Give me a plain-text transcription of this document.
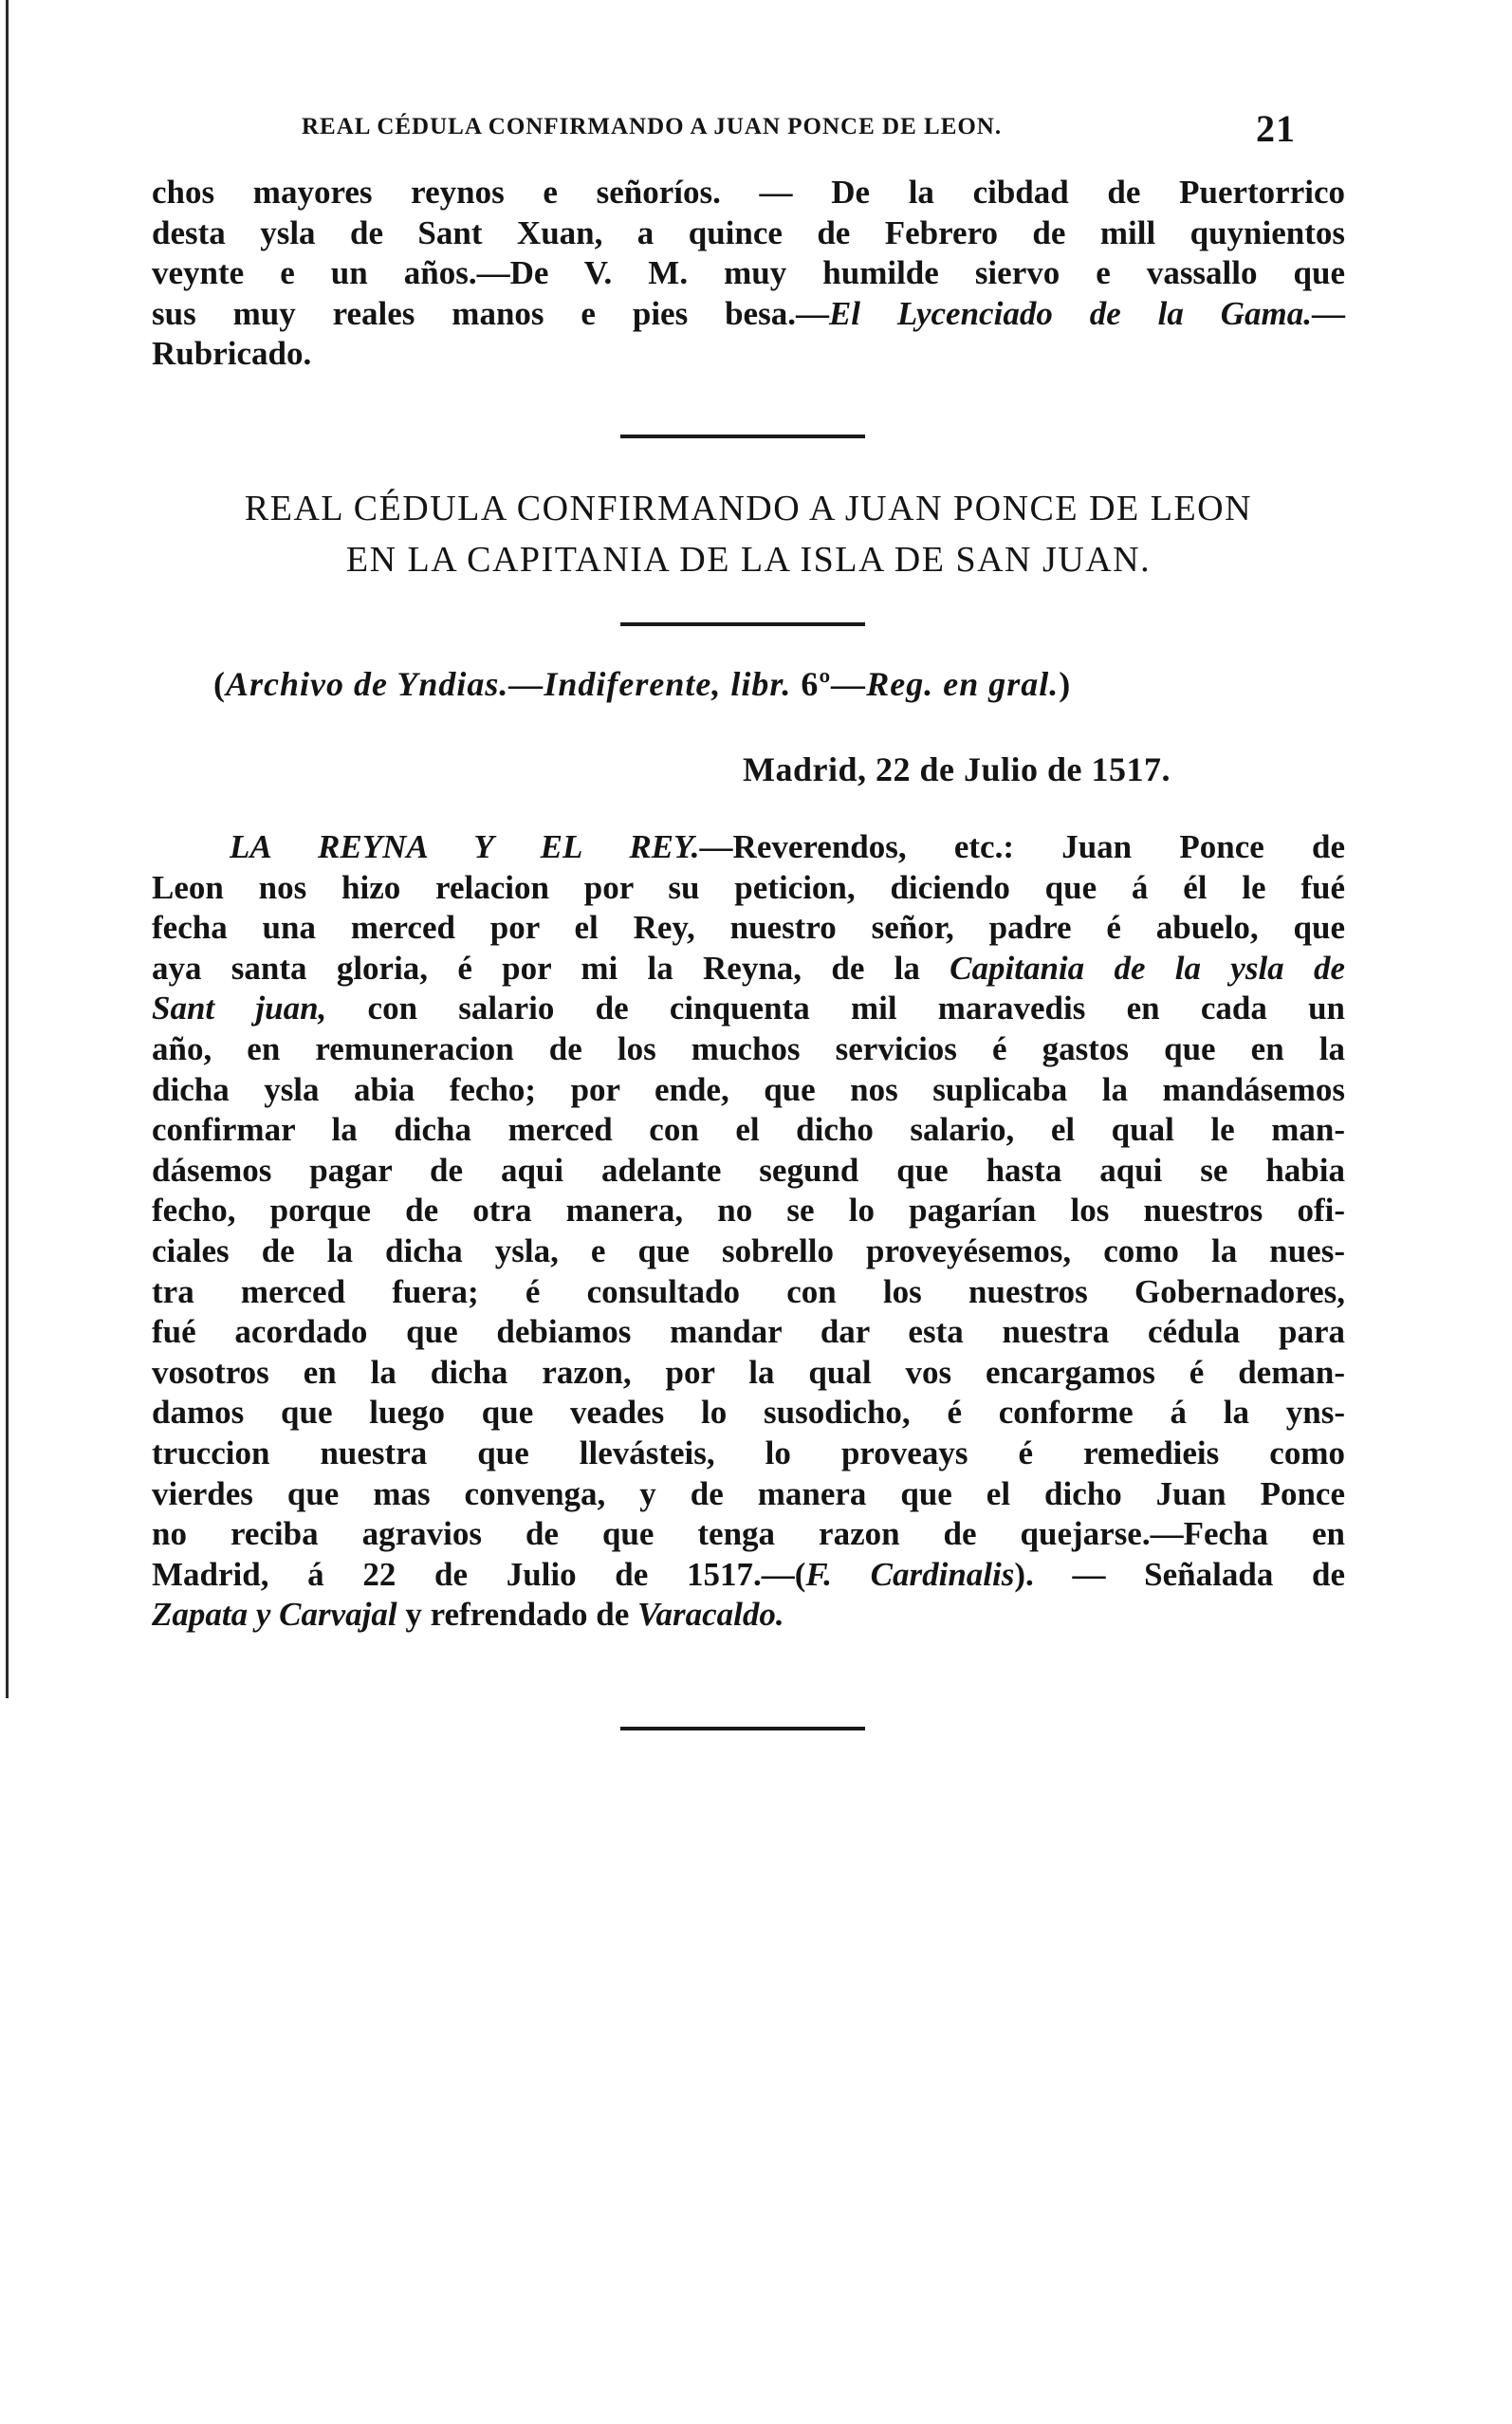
REAL CÉDULA CONFIRMANDO A JUAN PONCE DE LEON.	21
chos mayores reynos e señoríos. — De la cibdad de Puertorrico
desta ysla de Sant Xuan, a quince de Febrero de mill quynientos
veynte e un años.—De V. M. muy humilde siervo e vassallo que
sus muy reales manos e pies besa.—El Lycenciado de la Gama.—
Rubricado.
REAL CÉDULA CONFIRMANDO A JUAN PONCE DE LEON
EN LA CAPITANIA DE LA ISLA DE SAN JUAN.
(Archivo de Yndias.—Indiferente, libr. 6º—Reg. en gral.)
Madrid, 22 de Julio de 1517.
LA REYNA Y EL REY.—Reverendos, etc.: Juan Ponce de
Leon nos hizo relacion por su peticion, diciendo que á él le fué
fecha una merced por el Rey, nuestro señor, padre é abuelo, que
aya santa gloria, é por mi la Reyna, de la Capitania de la ysla de
Sant juan, con salario de cinquenta mil maravedis en cada un
año, en remuneracion de los muchos servicios é gastos que en la
dicha ysla abia fecho; por ende, que nos suplicaba la mandásemos
confirmar la dicha merced con el dicho salario, el qual le man-
dásemos pagar de aqui adelante segund que hasta aqui se habia
fecho, porque de otra manera, no se lo pagarían los nuestros ofi-
ciales de la dicha ysla, e que sobrello proveyésemos, como la nues-
tra merced fuera; é consultado con los nuestros Gobernadores,
fué acordado que debiamos mandar dar esta nuestra cédula para
vosotros en la dicha razon, por la qual vos encargamos é deman-
damos que luego que veades lo susodicho, é conforme á la yns-
truccion nuestra que llevásteis, lo proveays é remedieis como
vierdes que mas convenga, y de manera que el dicho Juan Ponce
no reciba agravios de que tenga razon de quejarse.—Fecha en
Madrid, á 22 de Julio de 1517.—(F. Cardinalis). — Señalada de
Zapata y Carvajal y refrendado de Varacaldo.
